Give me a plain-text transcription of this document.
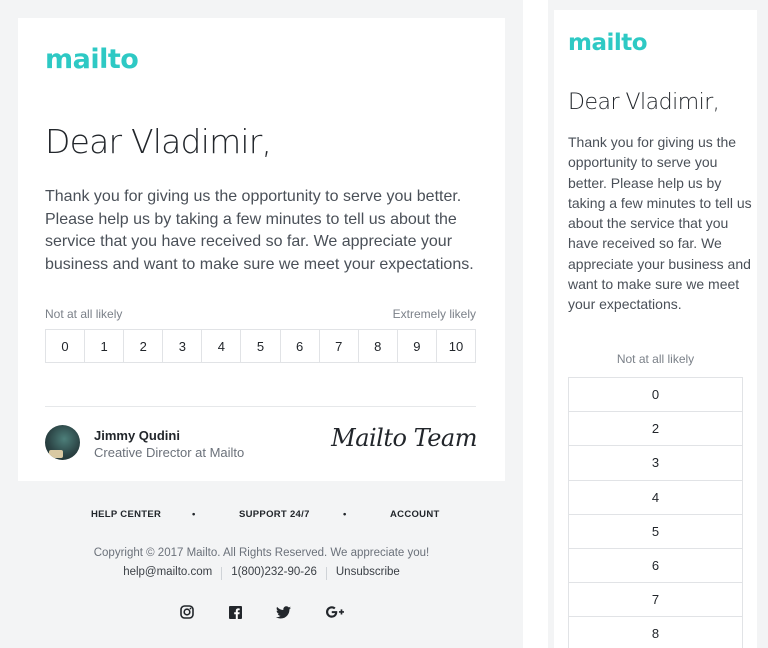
mailto
Dear Vladimir,
Thank you for giving us the opportunity to serve you better. Please help us by taking a few minutes to tell us about the service that you have received so far. We appreciate your business and want to make sure we meet your expectations.
Not at all likely	Extremely likely
0	1	2	3	4	5	6	7	8	9	10
Jimmy Qudini
Creative Director at Mailto
Mailto Team
HELP CENTER	•	SUPPORT 24/7	•	ACCOUNT
Copyright © 2017 Mailto. All Rights Reserved. We appreciate you!
help@mailto.com	1(800)232-90-26	Unsubscribe
mailto
Dear Vladimir,
Thank you for giving us the opportunity to serve you better. Please help us by taking a few minutes to tell us about the service that you have received so far. We appreciate your business and want to make sure we meet your expectations.
Not at all likely
0
2
3
4
5
6
7
8
